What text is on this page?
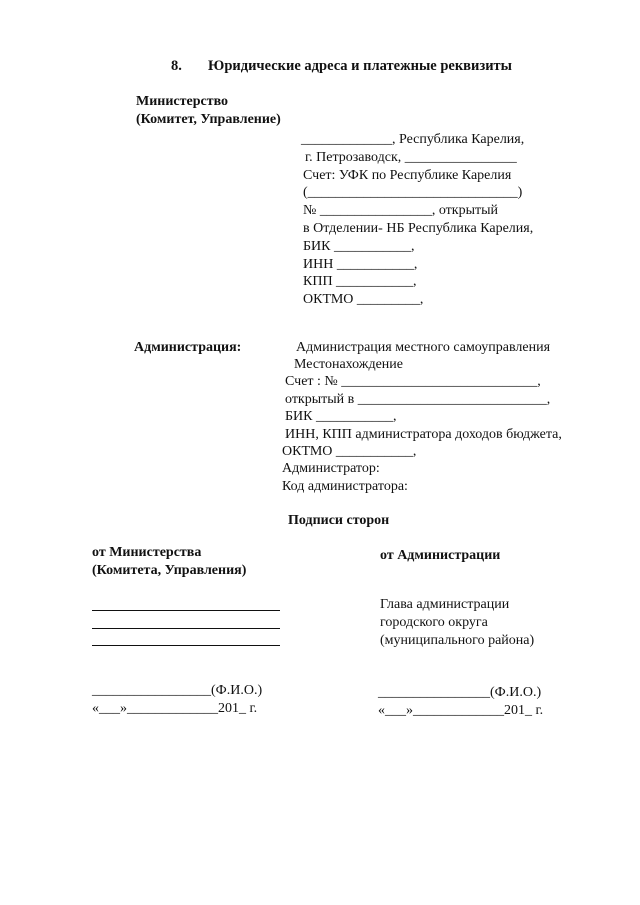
8. Юридические адреса и платежные реквизиты
Министерство
(Комитет, Управление)
_____________, Республика Карелия,
г. Петрозаводск, ________________
Счет: УФК по Республике Карелия
(______________________________)
№ ________________, открытый
в Отделении- НБ Республика Карелия,
БИК ___________,
ИНН ___________,
КПП ___________,
ОКТМО _________,
Администрация:	Администрация местного самоуправления
Местонахождение
Счет : № ____________________________,
открытый в ___________________________,
БИК ___________,
ИНН, КПП администратора доходов бюджета,
ОКТМО ___________,
Администратор:
Код администратора:
Подписи сторон
от Министерства
(Комитета, Управления)
от Администрации
Глава администрации
городского округа
(муниципального района)
_________________(Ф.И.О.)
«___»_____________201_ г.
________________(Ф.И.О.)
«___»_____________201_ г.
